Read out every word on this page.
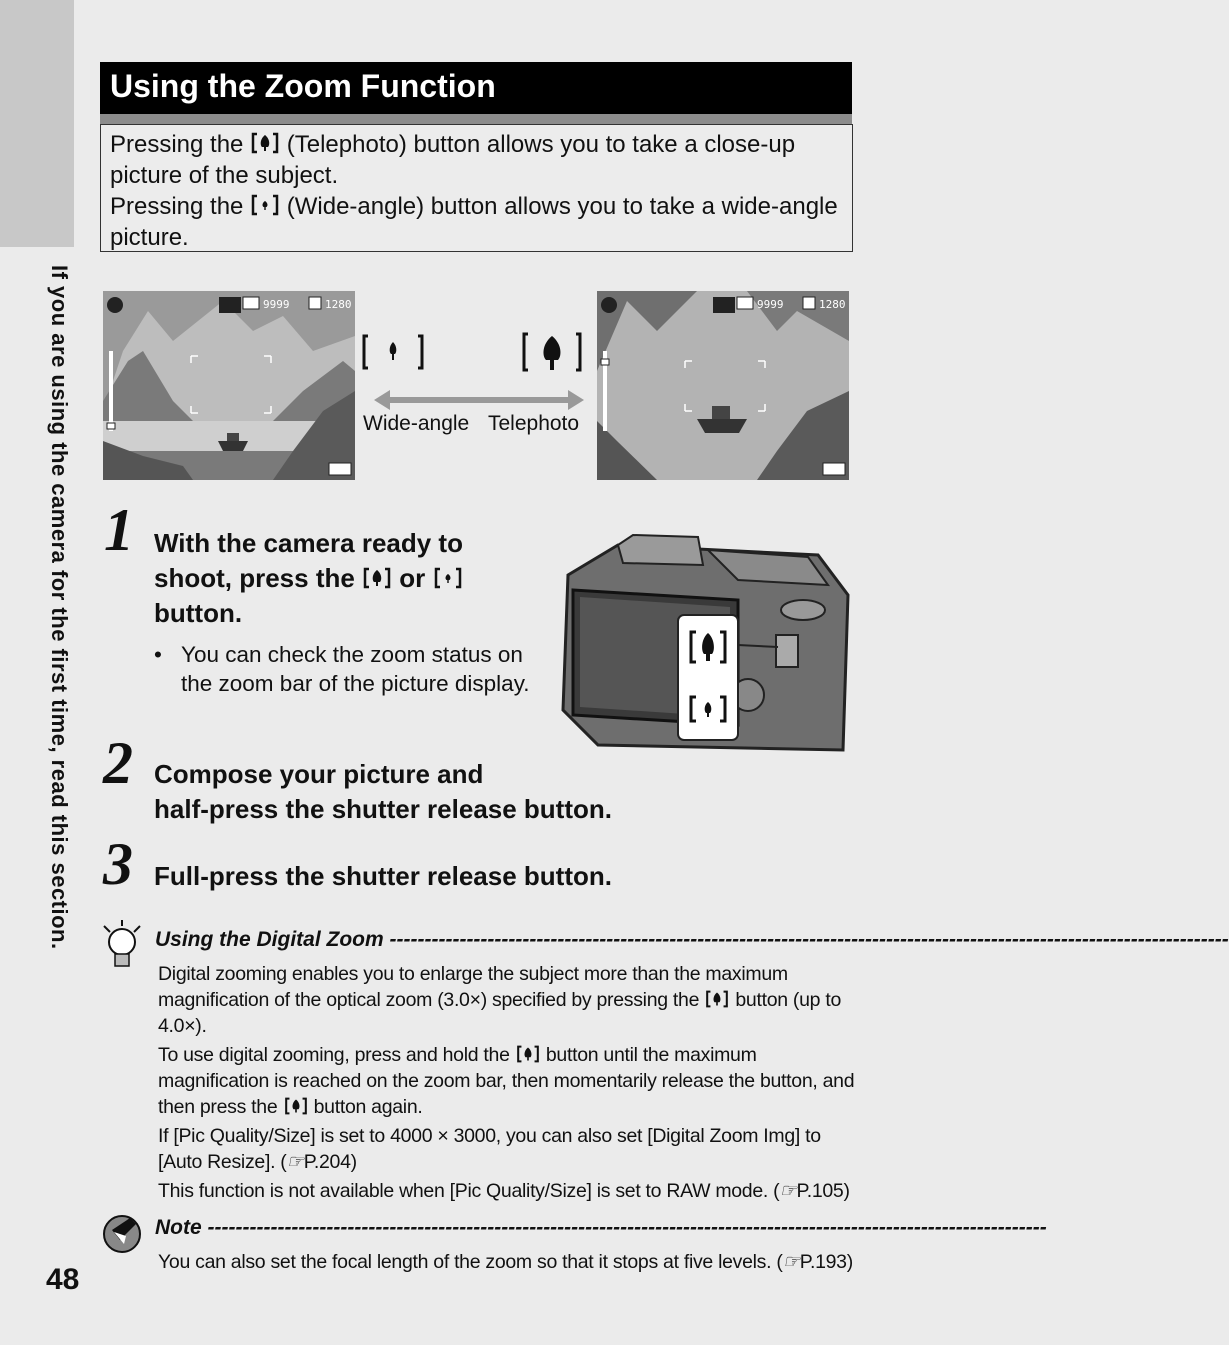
If you are using the camera for the first time, read this section.
48
Using the Zoom Function

Pressing the (Telephoto) button allows you to take a close-up picture of the subject.

Pressing the (Wide-angle) button allows you to take a wide-angle picture.

9999	1280
Wide-angle Telephoto
9999	1280
1 With the camera ready to

shoot, press the or

button.

• You can check the zoom status on the zoom bar of the picture display.
2 Compose your picture and

half-press the shutter release button.

3 Full-press the shutter release button.

Using the Digital Zoom ------------------------------------------------------------------------------------------------------------------------

Digital zooming enables you to enlarge the subject more than the maximum magnification of the optical zoom (3.0×) specified by pressing the button (up to 4.0×).

To use digital zooming, press and hold the button until the maximum magnification is reached on the zoom bar, then momentarily release the button, and then press the button again.

If [Pic Quality/Size] is set to 4000 × 3000, you can also set [Digital Zoom Img] to [Auto Resize]. (☞P.204)

This function is not available when [Pic Quality/Size] is set to RAW mode. (☞P.105)

Note ------------------------------------------------------------------------------------------------------------------------
You can also set the focal length of the zoom so that it stops at five levels. (☞P.193)
